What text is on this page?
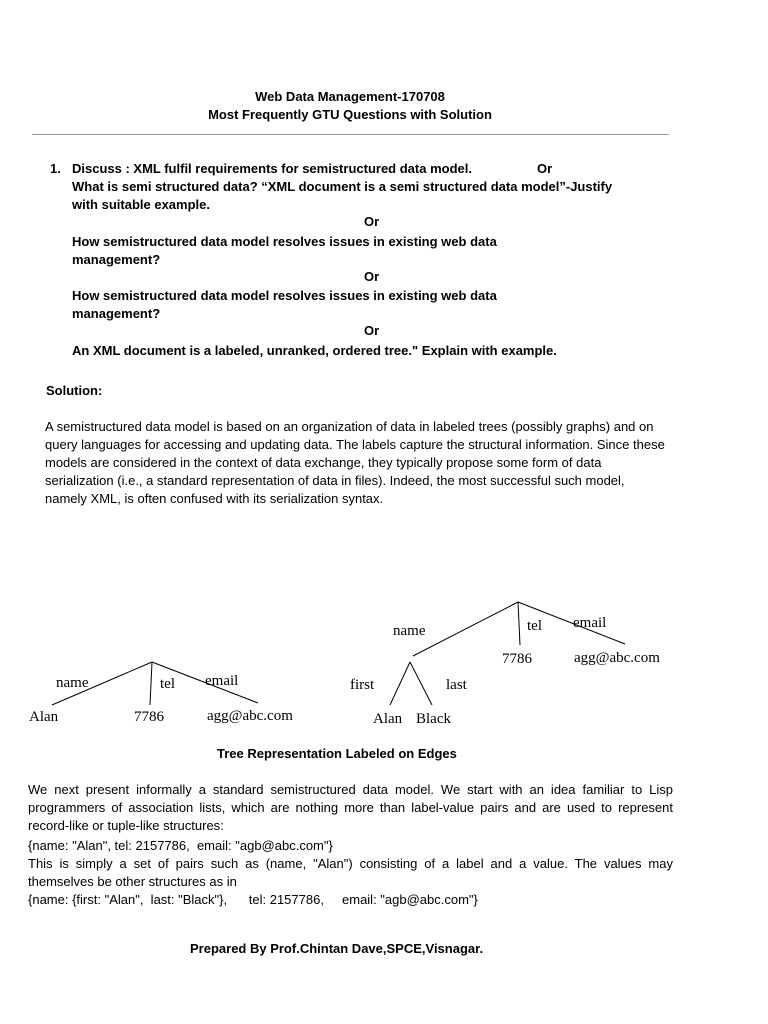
Web Data Management-170708
Most Frequently GTU Questions with Solution
1. Discuss : XML fulfil requirements for semistructured data model.	Or
What is semi structured data? “XML document is a semi structured data model”-Justify
with suitable example.
Or
How semistructured data model resolves issues in existing web data
management?
Or
How semistructured data model resolves issues in existing web data
management?
Or
An XML document is a labeled, unranked, ordered tree." Explain with example.
Solution:
A semistructured data model is based on an organization of data in labeled trees (possibly graphs) and on query languages for accessing and updating data. The labels capture the structural information. Since these models are considered in the context of data exchange, they typically propose some form of data serialization (i.e., a standard representation of data in files). Indeed, the most successful such model, namely XML, is often confused with its serialization syntax.
name	tel email
Alan	7786	agg@abc.com
name	tel email
7786	agg@abc.com
first	last
Alan Black
Tree Representation Labeled on Edges
We next present informally a standard semistructured data model. We start with an idea familiar to Lisp programmers of association lists, which are nothing more than label-value pairs and are used to represent record-like or tuple-like structures:
{name: "Alan", tel: 2157786,  email: "agb@abc.com"}
This is simply a set of pairs such as (name, "Alan") consisting of a label and a value. The values may themselves be other structures as in
{name: {first: "Alan",  last: "Black"},      tel: 2157786,     email: "agb@abc.com"}
Prepared By Prof.Chintan Dave,SPCE,Visnagar.
